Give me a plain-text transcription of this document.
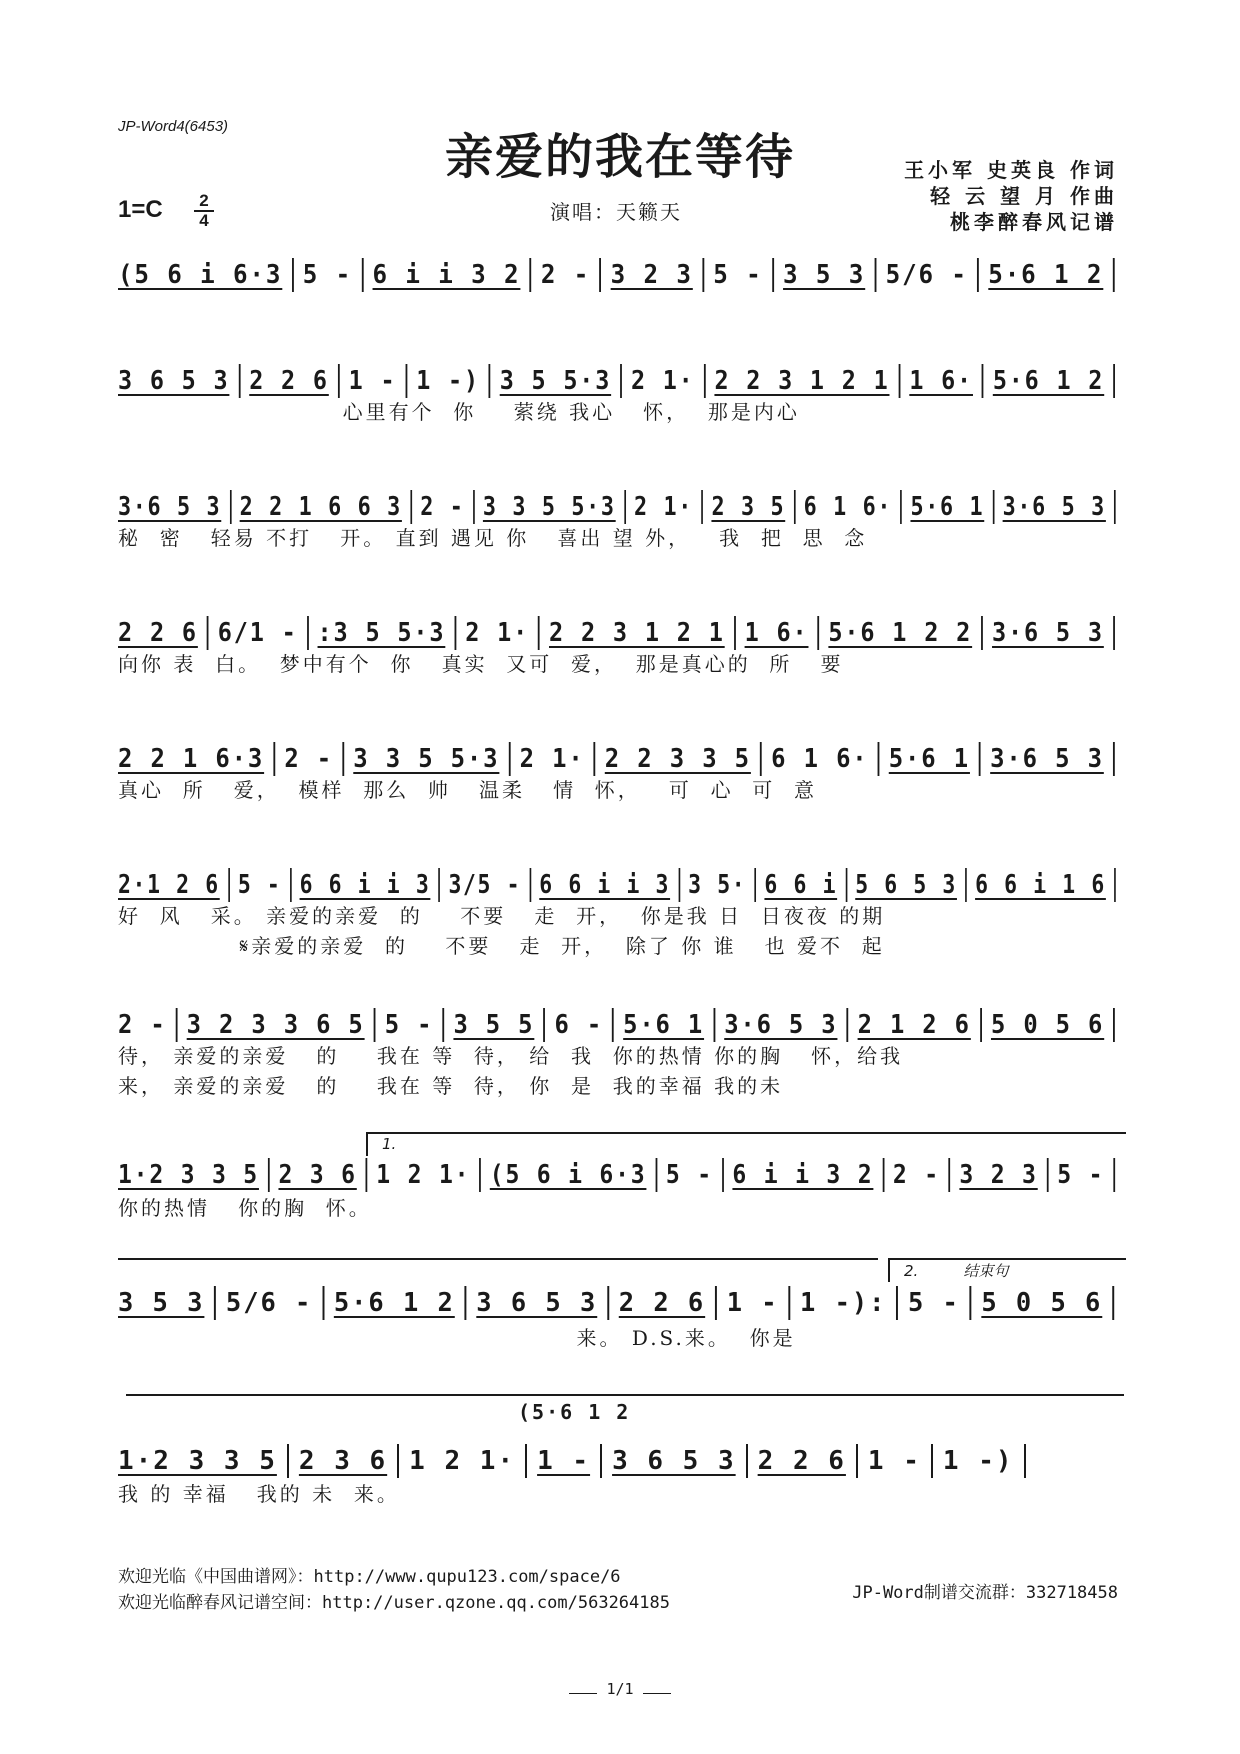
JP-Word4(6453)
亲爱的我在等待	王小军 史英良 作词
轻 云 望 月 作曲
桃李醉春风记谱
1=C	2
4	演唱：天籁天
(5 6 i 6·3 5 - 6 i i 3 2 2 - 3 2 3 5 - 3 5 3 5/6 - 5·6 1 2
3 6 5 3 2 2 6 1 - 1 -) 3 5 5·3 2 1· 2 2 3 1 2 1 1 6· 5·6 1 2
心里有个  你    萦绕 我心   怀，  那是内心
3·6 5 3 2 2 1 6 6 3 2 - 3 3 5 5·3 2 1· 2 3 5 6 1 6· 5·6 1 3·6 5 3
秘  密   轻易 不打   开。 直到 遇见 你   喜出 望 外，   我  把  思  念
2 2 6 6/1 - :3 5 5·3 2 1· 2 2 3 1 2 1 1 6· 5·6 1 2 2 3·6 5 3
向你 表  白。  梦中有个  你   真实  又可  爱，  那是真心的  所   要
2 2 1 6·3 2 - 3 3 5 5·3 2 1· 2 2 3 3 5 6 1 6· 5·6 1 3·6 5 3
真心  所   爱，  模样  那么  帅   温柔   情  怀，   可  心  可  意
2·1 2 6 5 - 6 6 i i 3 3/5 - 6 6 i i 3 3 5· 6 6 i 5 6 5 3 6 6 i 1 6
好  风   采。 亲爱的亲爱  的    不要   走  开，  你是我 日  日夜夜 的期
𝄋亲爱的亲爱  的    不要   走  开，  除了 你 谁   也 爱不  起
2 - 3 2 3 3 6 5 5 - 3 5 5 6 - 5·6 1 3·6 5 3 2 1 2 6 5 0 5 6
待， 亲爱的亲爱   的    我在 等  待， 给  我  你的热情 你的胸   怀，给我
来， 亲爱的亲爱   的    我在 等  待， 你  是  我的幸福 我的未
1.
1·2 3 3 5 2 3 6 1 2 1· (5 6 i 6·3 5 - 6 i i 3 2 2 - 3 2 3 5 -
你的热情   你的胸  怀。
2.	结束句
3 5 3 5/6 - 5·6 1 2 3 6 5 3 2 2 6 1 - 1 -): 5 - 5 0 5 6
来。 D.S.来。  你是
(5·6 1 2
1·2 3 3 5 2 3 6 1 2 1· 1 - 3 6 5 3 2 2 6 1 - 1 -)
我 的 幸福   我的 未  来。
欢迎光临《中国曲谱网》：http://www.qupu123.com/space/6
欢迎光临醉春风记谱空间：http://user.qzone.qq.com/563264185	JP-Word制谱交流群：332718458
1/1
